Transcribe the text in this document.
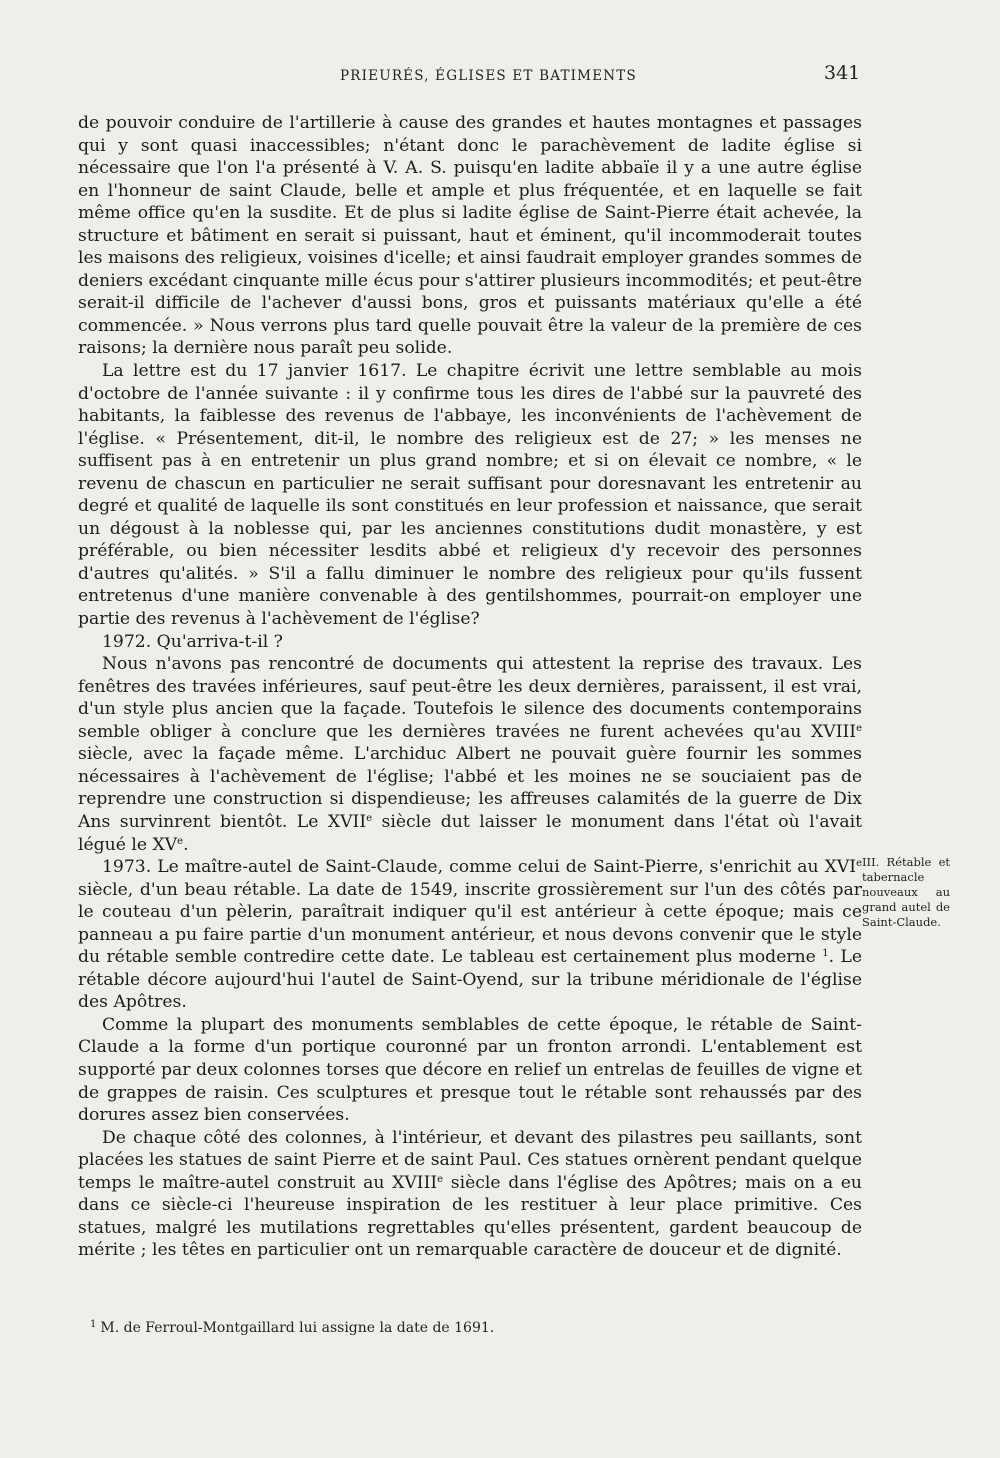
PRIEURÉS, ÉGLISES ET BATIMENTS	341

de pouvoir conduire de l'artillerie à cause des grandes et hautes montagnes et passages qui y sont quasi inaccessibles; n'étant donc le parachèvement de ladite église si nécessaire que l'on l'a présenté à V. A. S. puisqu'en ladite abbaïe il y a une autre église en l'honneur de saint Claude, belle et ample et plus fréquentée, et en laquelle se fait même office qu'en la susdite. Et de plus si ladite église de Saint-Pierre était achevée, la structure et bâtiment en serait si puissant, haut et éminent, qu'il incommoderait toutes les maisons des religieux, voisines d'icelle; et ainsi faudrait employer grandes sommes de deniers excédant cinquante mille écus pour s'attirer plusieurs incommodités; et peut-être serait-il difficile de l'achever d'aussi bons, gros et puissants matériaux qu'elle a été commencée. » Nous verrons plus tard quelle pouvait être la valeur de la première de ces raisons; la dernière nous paraît peu solide.

La lettre est du 17 janvier 1617. Le chapitre écrivit une lettre semblable au mois d'octobre de l'année suivante : il y confirme tous les dires de l'abbé sur la pauvreté des habitants, la faiblesse des revenus de l'abbaye, les inconvénients de l'achèvement de l'église. « Présentement, dit-il, le nombre des religieux est de 27; » les menses ne suffisent pas à en entretenir un plus grand nombre; et si on élevait ce nombre, « le revenu de chascun en particulier ne serait suffisant pour doresnavant les entretenir au degré et qualité de laquelle ils sont constitués en leur profession et naissance, que serait un dégoust à la noblesse qui, par les anciennes constitutions dudit monastère, y est préférable, ou bien nécessiter lesdits abbé et religieux d'y recevoir des personnes d'autres qu'alités. » S'il a fallu diminuer le nombre des religieux pour qu'ils fussent entretenus d'une manière convenable à des gentilshommes, pourrait-on employer une partie des revenus à l'achèvement de l'église?

1972. Qu'arriva-t-il ?

Nous n'avons pas rencontré de documents qui attestent la reprise des travaux. Les fenêtres des travées inférieures, sauf peut-être les deux dernières, paraissent, il est vrai, d'un style plus ancien que la façade. Toutefois le silence des documents contemporains semble obliger à conclure que les dernières travées ne furent achevées qu'au XVIIIe siècle, avec la façade même. L'archiduc Albert ne pouvait guère fournir les sommes nécessaires à l'achèvement de l'église; l'abbé et les moines ne se souciaient pas de reprendre une construction si dispendieuse; les affreuses calamités de la guerre de Dix Ans survinrent bientôt. Le XVIIe siècle dut laisser le monument dans l'état où l'avait légué le XVe.

1973. Le maître-autel de Saint-Claude, comme celui de Saint-Pierre, s'enrichit au XVIe siècle, d'un beau rétable. La date de 1549, inscrite grossièrement sur l'un des côtés par le couteau d'un pèlerin, paraîtrait indiquer qu'il est antérieur à cette époque; mais ce panneau a pu faire partie d'un monument antérieur, et nous devons convenir que le style du rétable semble contredire cette date. Le tableau est certainement plus moderne $^1$. Le rétable décore aujourd'hui l'autel de Saint-Oyend, sur la tribune méridionale de l'église des Apôtres.

Comme la plupart des monuments semblables de cette époque, le rétable de Saint-Claude a la forme d'un portique couronné par un fronton arrondi. L'entablement est supporté par deux colonnes torses que décore en relief un entrelas de feuilles de vigne et de grappes de raisin. Ces sculptures et presque tout le rétable sont rehaussés par des dorures assez bien conservées.

De chaque côté des colonnes, à l'intérieur, et devant des pilastres peu saillants, sont placées les statues de saint Pierre et de saint Paul. Ces statues ornèrent pendant quelque temps le maître-autel construit au XVIIIe siècle dans l'église des Apôtres; mais on a eu dans ce siècle-ci l'heureuse inspiration de les restituer à leur place primitive. Ces statues, malgré les mutilations regrettables qu'elles présentent, gardent beaucoup de mérite ; les têtes en particulier ont un remarquable caractère de douceur et de dignité.

III. Rétable et tabernacle nouveaux au grand autel de Saint-Claude.
$^1$ M. de Ferroul-Montgaillard lui assigne la date de 1691.
